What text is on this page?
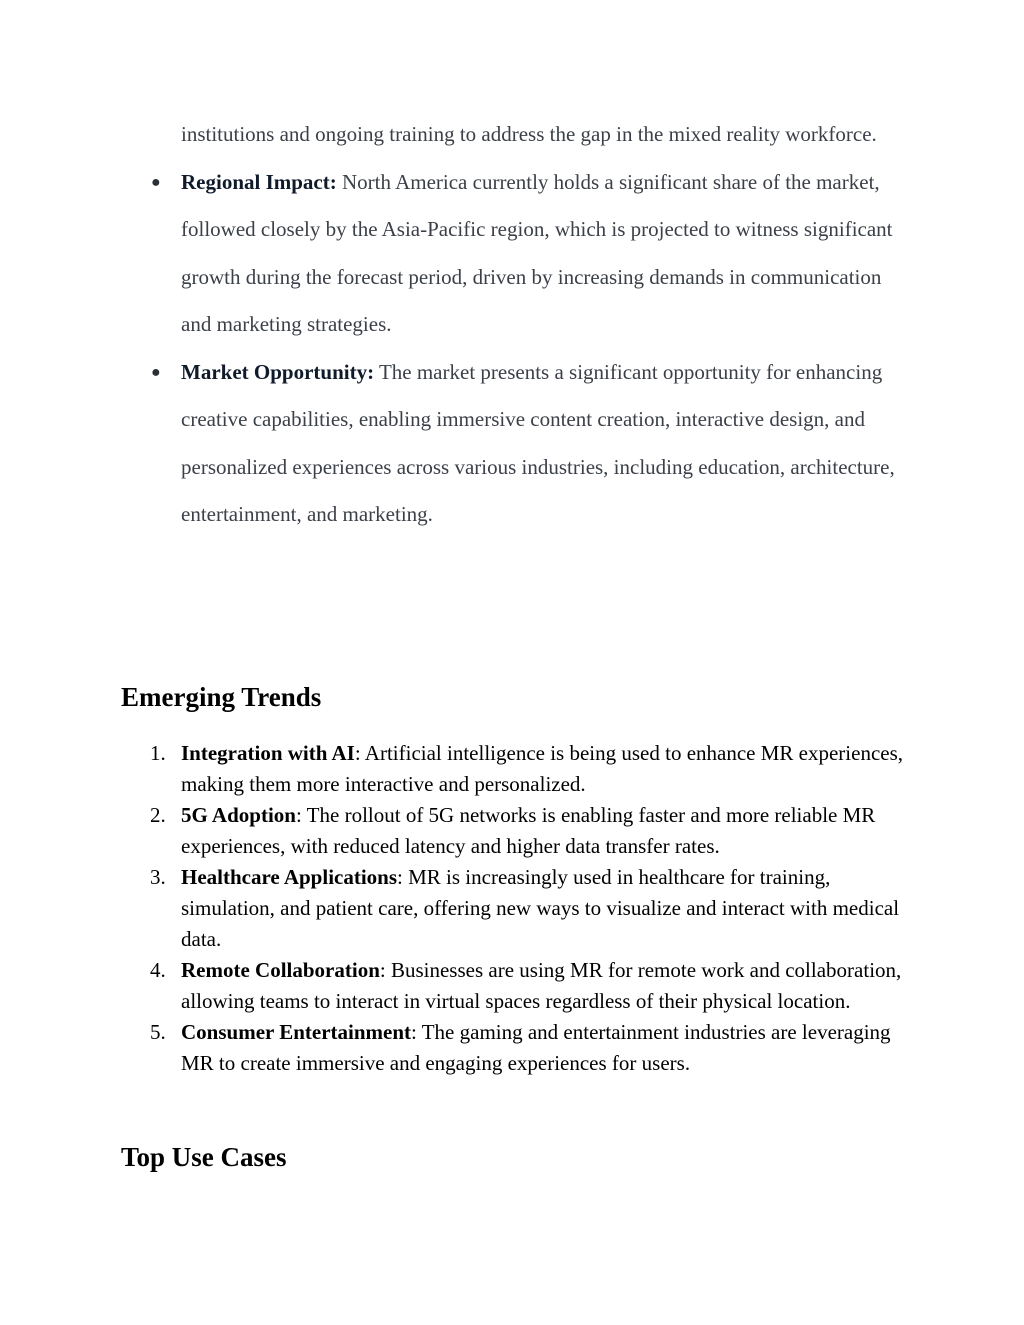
institutions and ongoing training to address the gap in the mixed reality workforce.

● Regional Impact: North America currently holds a significant share of the market, followed closely by the Asia-Pacific region, which is projected to witness significant growth during the forecast period, driven by increasing demands in communication and marketing strategies.
● Market Opportunity: The market presents a significant opportunity for enhancing creative capabilities, enabling immersive content creation, interactive design, and personalized experiences across various industries, including education, architecture, entertainment, and marketing.
Emerging Trends
1. Integration with AI: Artificial intelligence is being used to enhance MR experiences, making them more interactive and personalized.
2. 5G Adoption: The rollout of 5G networks is enabling faster and more reliable MR experiences, with reduced latency and higher data transfer rates.
3. Healthcare Applications: MR is increasingly used in healthcare for training, simulation, and patient care, offering new ways to visualize and interact with medical data.
4. Remote Collaboration: Businesses are using MR for remote work and collaboration, allowing teams to interact in virtual spaces regardless of their physical location.
5. Consumer Entertainment: The gaming and entertainment industries are leveraging MR to create immersive and engaging experiences for users.
Top Use Cases
